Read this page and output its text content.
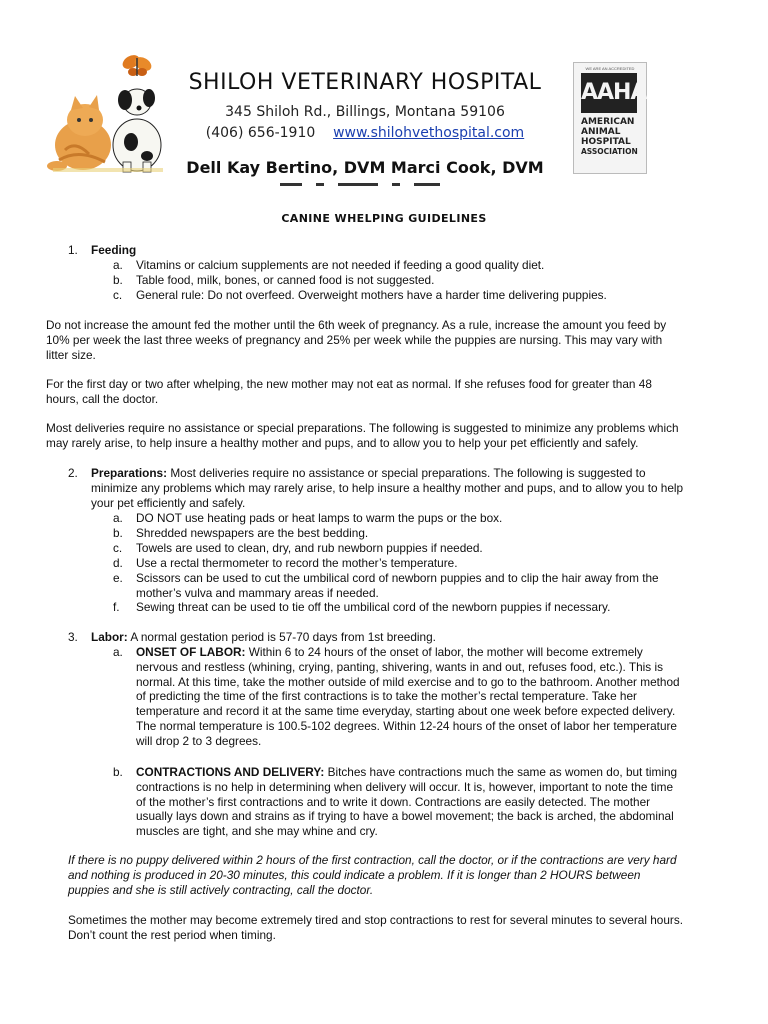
SHILOH VETERINARY HOSPITAL
345 Shiloh Rd., Billings, Montana 59106
(406) 656-1910 www.shilohvethospital.com
Dell Kay Bertino, DVM Marci Cook, DVM
WE ARE AN ACCREDITED
AAHA
AMERICAN
ANIMAL
HOSPITAL
ASSOCIATION
CANINE WHELPING GUIDELINES
1. Feeding
a. Vitamins or calcium supplements are not needed if feeding a good quality diet.
b. Table food, milk, bones, or canned food is not suggested.
c. General rule: Do not overfeed. Overweight mothers have a harder time delivering puppies.
Do not increase the amount fed the mother until the 6th week of pregnancy. As a rule, increase the amount you feed by
10% per week the last three weeks of pregnancy and 25% per week while the puppies are nursing. This may vary with
litter size.
For the first day or two after whelping, the new mother may not eat as normal. If she refuses food for greater than 48
hours, call the doctor.
Most deliveries require no assistance or special preparations. The following is suggested to minimize any problems which
may rarely arise, to help insure a healthy mother and pups, and to allow you to help your pet efficiently and safely.
2. Preparations: Most deliveries require no assistance or special preparations. The following is suggested to
minimize any problems which may rarely arise, to help insure a healthy mother and pups, and to allow you to help
your pet efficiently and safely.
a. DO NOT use heating pads or heat lamps to warm the pups or the box.
b. Shredded newspapers are the best bedding.
c. Towels are used to clean, dry, and rub newborn puppies if needed.
d. Use a rectal thermometer to record the mother’s temperature.
e. Scissors can be used to cut the umbilical cord of newborn puppies and to clip the hair away from the
mother’s vulva and mammary areas if needed.
f. Sewing threat can be used to tie off the umbilical cord of the newborn puppies if necessary.
3. Labor: A normal gestation period is 57-70 days from 1st breeding.
a. ONSET OF LABOR: Within 6 to 24 hours of the onset of labor, the mother will become extremely
nervous and restless (whining, crying, panting, shivering, wants in and out, refuses food, etc.). This is
normal. At this time, take the mother outside of mild exercise and to go to the bathroom. Another method
of predicting the time of the first contractions is to take the mother’s rectal temperature. Take her
temperature and record it at the same time everyday, starting about one week before expected delivery.
The normal temperature is 100.5-102 degrees. Within 12-24 hours of the onset of labor her temperature
will drop 2 to 3 degrees.
b. CONTRACTIONS AND DELIVERY: Bitches have contractions much the same as women do, but timing
contractions is no help in determining when delivery will occur. It is, however, important to note the time
of the mother’s first contractions and to write it down. Contractions are easily detected. The mother
usually lays down and strains as if trying to have a bowel movement; the back is arched, the abdominal
muscles are tight, and she may whine and cry.
If there is no puppy delivered within 2 hours of the first contraction, call the doctor, or if the contractions are very hard
and nothing is produced in 20-30 minutes, this could indicate a problem. If it is longer than 2 HOURS between
puppies and she is still actively contracting, call the doctor.
Sometimes the mother may become extremely tired and stop contractions to rest for several minutes to several hours.
Don’t count the rest period when timing.
